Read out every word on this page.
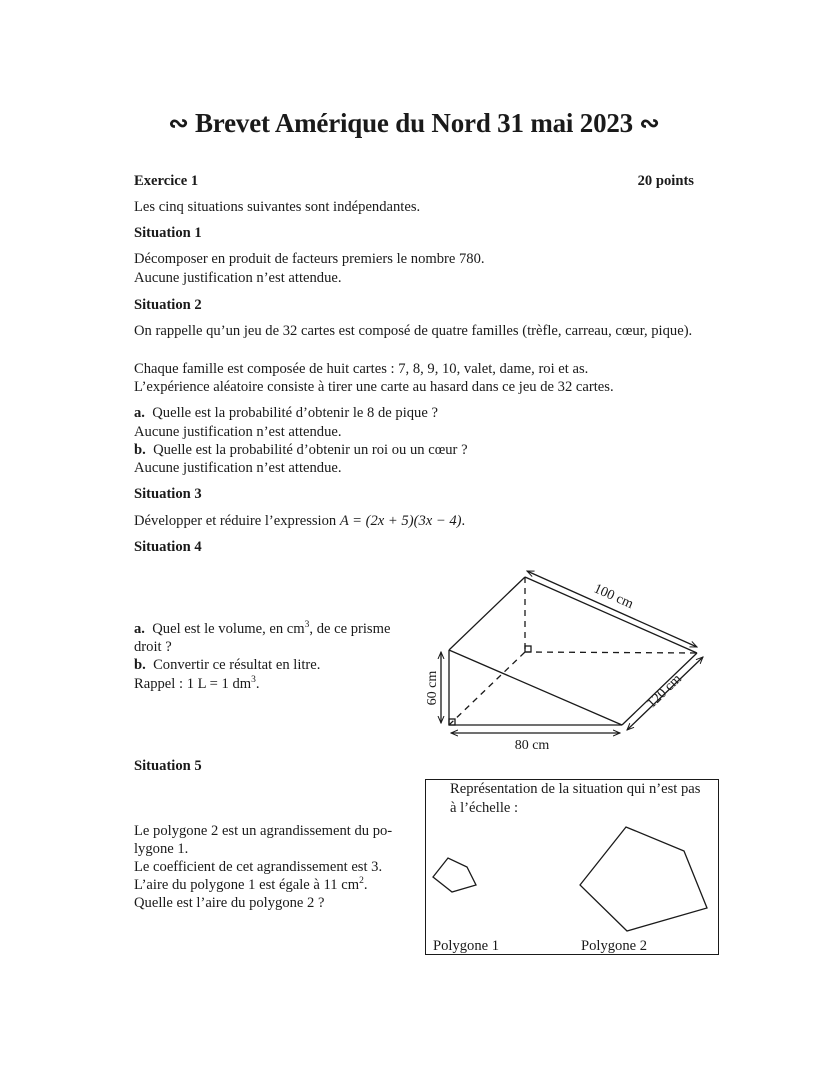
∾ Brevet Amérique du Nord 31 mai 2023 ∾
Exercice 1	20 points
Les cinq situations suivantes sont indépendantes.
Situation 1
Décomposer en produit de facteurs premiers le nombre 780.
Aucune justification n’est attendue.
Situation 2
On rappelle qu’un jeu de 32 cartes est composé de quatre familles (trèfle, carreau, cœur, pique).
Chaque famille est composée de huit cartes : 7, 8, 9, 10, valet, dame, roi et as.
L’expérience aléatoire consiste à tirer une carte au hasard dans ce jeu de 32 cartes.
a. Quelle est la probabilité d’obtenir le 8 de pique ?
Aucune justification n’est attendue.
b. Quelle est la probabilité d’obtenir un roi ou un cœur ?
Aucune justification n’est attendue.
Situation 3
Développer et réduire l’expression A = (2x + 5)(3x − 4).
Situation 4
a. Quel est le volume, en $cm^3$, de ce prisme
droit ?
b. Convertir ce résultat en litre.
Rappel : 1 L = 1 $dm^3$.
100 cm
120 cm
60 cm
80 cm
Situation 5
Le polygone 2 est un agrandissement du po-
lygone 1.
Le coefficient de cet agrandissement est 3.
L’aire du polygone 1 est égale à 11 $cm^2$.
Quelle est l’aire du polygone 2 ?
Représentation de la situation qui n’est pas
à l’échelle :
Polygone 1	Polygone 2
